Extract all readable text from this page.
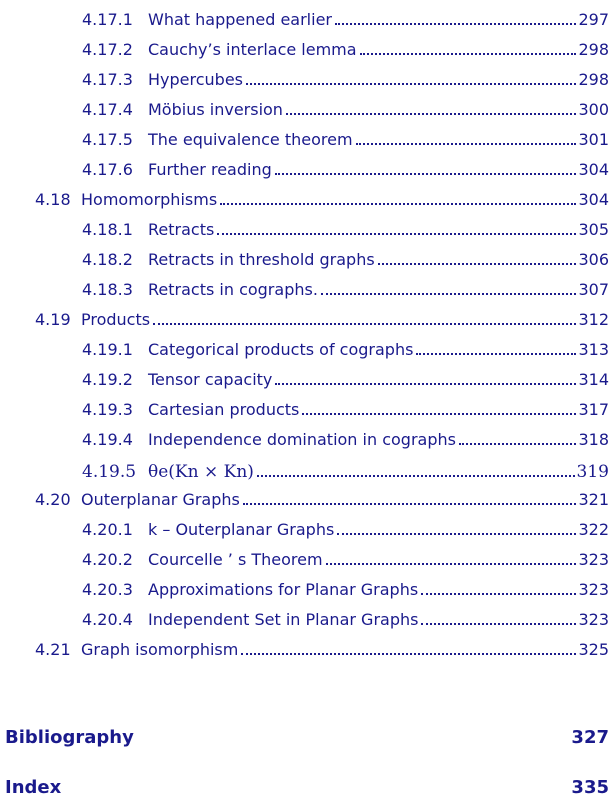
4.17.1 What happened earlier	297
4.17.2 Cauchy’s interlace lemma	298
4.17.3 Hypercubes	298
4.17.4 Möbius inversion	300
4.17.5 The equivalence theorem	301
4.17.6 Further reading	304
4.18 Homomorphisms	304
4.18.1 Retracts	305
4.18.2 Retracts in threshold graphs	306
4.18.3 Retracts in cographs.	307
4.19 Products	312
4.19.1 Categorical products of cographs	313
4.19.2 Tensor capacity	314
4.19.3 Cartesian products	317
4.19.4 Independence domination in cographs	318
4.19.5 θe(Kn × Kn)	319
4.20 Outerplanar Graphs	321
4.20.1 k – Outerplanar Graphs	322
4.20.2 Courcelle ’ s Theorem	323
4.20.3 Approximations for Planar Graphs	323
4.20.4 Independent Set in Planar Graphs	323
4.21 Graph isomorphism	325
Bibliography	327
Index	335
